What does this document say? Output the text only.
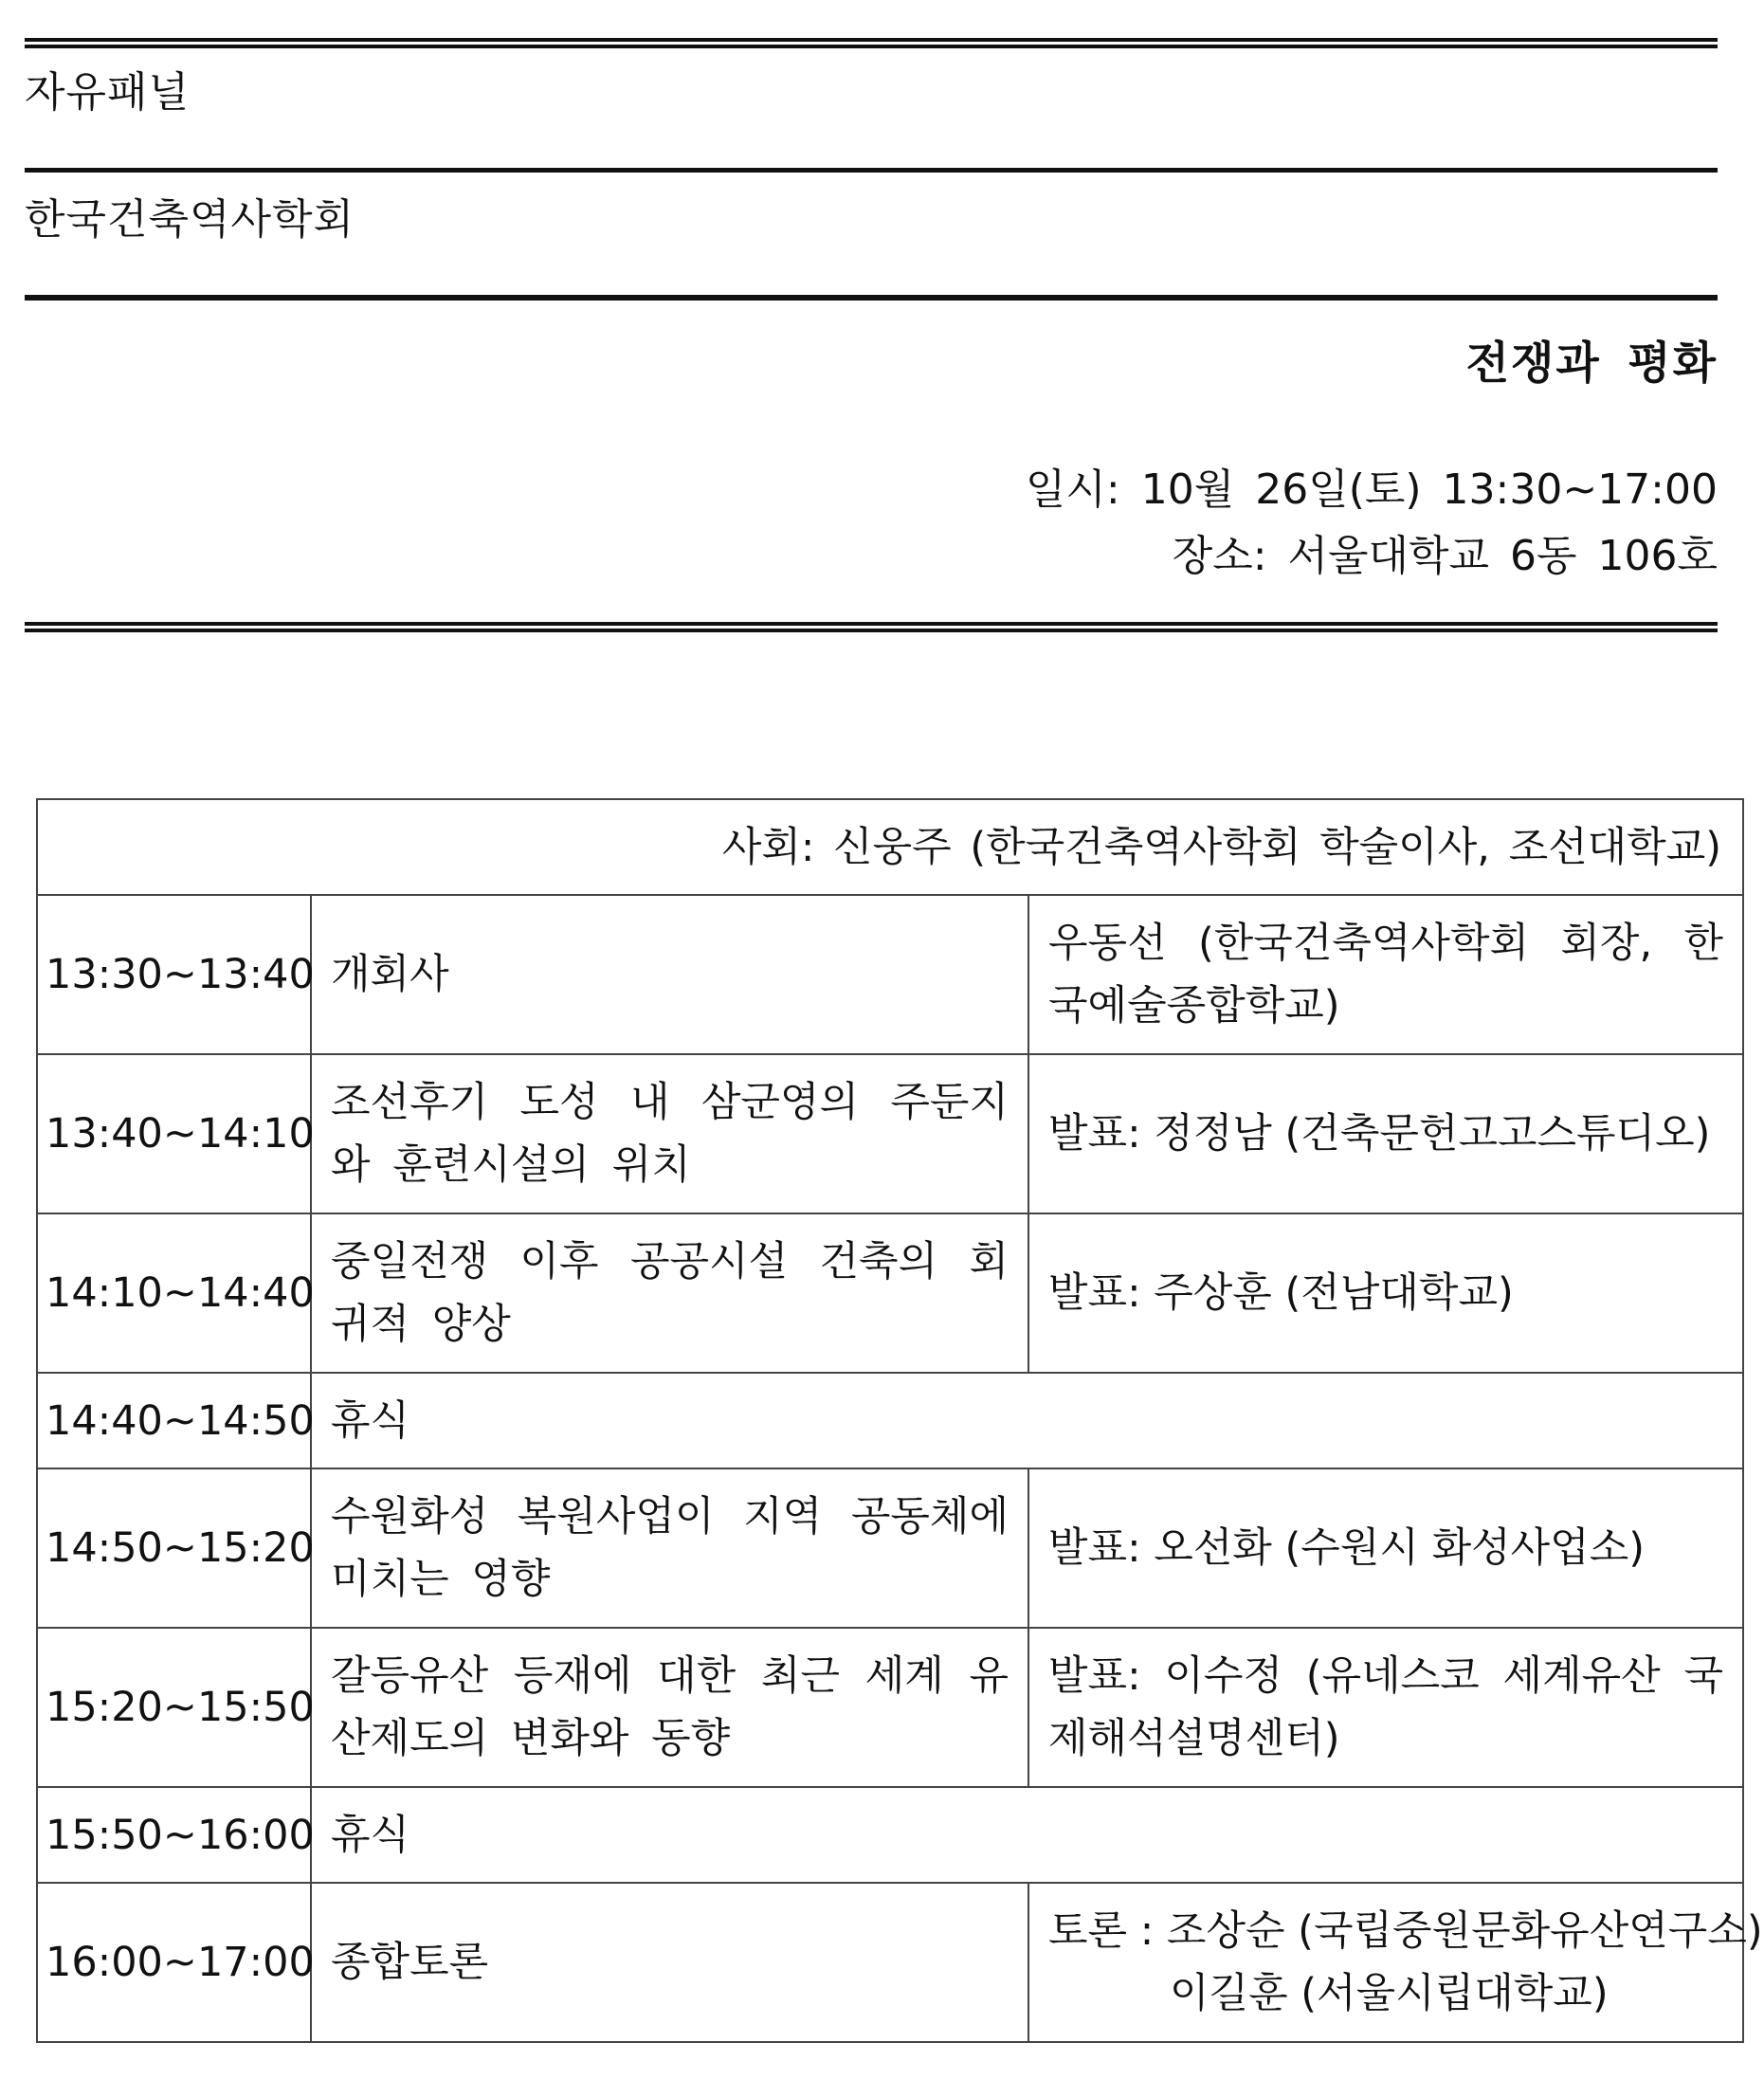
자유패널
한국건축역사학회
전쟁과 평화
일시: 10월 26일(토) 13:30~17:00
장소: 서울대학교 6동 106호
사회: 신웅주 (한국건축역사학회 학술이사, 조선대학교)		
13:30~13:40	개회사	우동선 (한국건축역사학회 회장, 한국예술종합학교)
13:40~14:10	조선후기 도성 내 삼군영의 주둔지와 훈련시설의 위치	발표: 정정남 (건축문헌고고스튜디오)
14:10~14:40	중일전쟁 이후 공공시설 건축의 회귀적 양상	발표: 주상훈 (전남대학교)
14:40~14:50	휴식	
14:50~15:20	수원화성 복원사업이 지역 공동체에 미치는 영향	발표: 오선화 (수원시 화성사업소)
15:20~15:50	갈등유산 등재에 대한 최근 세계 유산제도의 변화와 동향	발표: 이수정 (유네스코 세계유산 국제해석설명센터)
15:50~16:00	휴식	
16:00~17:00	종합토론	토론 : 조상순 (국립중원문화유산연구소)
이길훈 (서울시립대학교)
